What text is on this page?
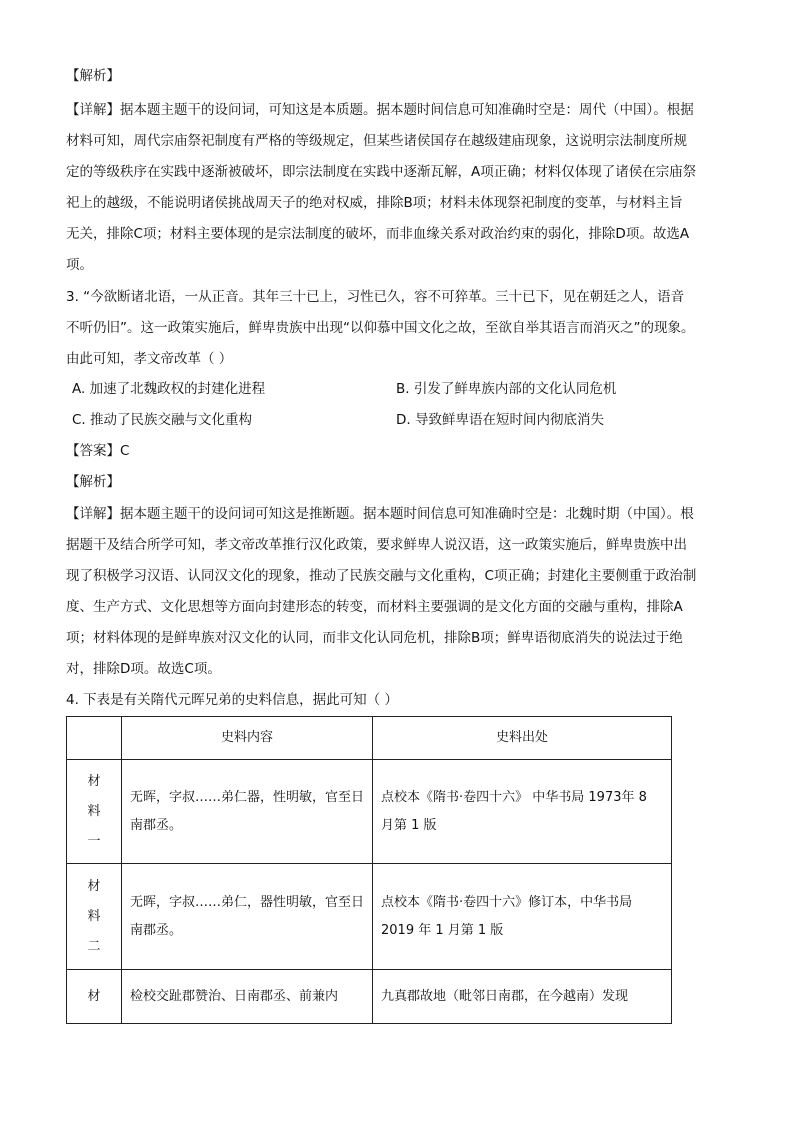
【解析】
【详解】据本题主题干的设问词，可知这是本质题。据本题时间信息可知准确时空是：周代（中国）。根据
材料可知，周代宗庙祭祀制度有严格的等级规定，但某些诸侯国存在越级建庙现象，这说明宗法制度所规
定的等级秩序在实践中逐渐被破坏，即宗法制度在实践中逐渐瓦解，A项正确；材料仅体现了诸侯在宗庙祭
祀上的越级，不能说明诸侯挑战周天子的绝对权威，排除B项；材料未体现祭祀制度的变革，与材料主旨
无关，排除C项；材料主要体现的是宗法制度的破坏，而非血缘关系对政治约束的弱化，排除D项。故选A
项。
3. “今欲断诸北语，一从正音。其年三十已上，习性已久，容不可猝革。三十已下，见在朝廷之人，语音
不听仍旧”。这一政策实施后，鲜卑贵族中出现“以仰慕中国文化之故，至欲自举其语言而消灭之”的现象。
由此可知，孝文帝改革（ ）
A. 加速了北魏政权的封建化进程	B. 引发了鲜卑族内部的文化认同危机
C. 推动了民族交融与文化重构	D. 导致鲜卑语在短时间内彻底消失
【答案】C
【解析】
【详解】据本题主题干的设问词可知这是推断题。据本题时间信息可知准确时空是：北魏时期（中国）。根
据题干及结合所学可知，孝文帝改革推行汉化政策，要求鲜卑人说汉语，这一政策实施后，鲜卑贵族中出
现了积极学习汉语、认同汉文化的现象，推动了民族交融与文化重构，C项正确；封建化主要侧重于政治制
度、生产方式、文化思想等方面向封建形态的转变，而材料主要强调的是文化方面的交融与重构，排除A
项；材料体现的是鲜卑族对汉文化的认同，而非文化认同危机，排除B项；鲜卑语彻底消失的说法过于绝
对，排除D项。故选C项。
4. 下表是有关隋代元晖兄弟的史料信息，据此可知（ ）
	史料内容	史料出处
材料一	无晖，字叔……弟仁器，性明敏，官至日南郡丞。	点校本《隋书·卷四十六》 中华书局 1973年 8 月第 1 版
材料二	无晖，字叔……弟仁，器性明敏，官至日南郡丞。	点校本《隋书·卷四十六》修订本，中华书局 2019 年 1 月第 1 版
材	检校交趾郡赞治、日南郡丞、前兼内	九真郡故地（毗邻日南郡，在今越南）发现
